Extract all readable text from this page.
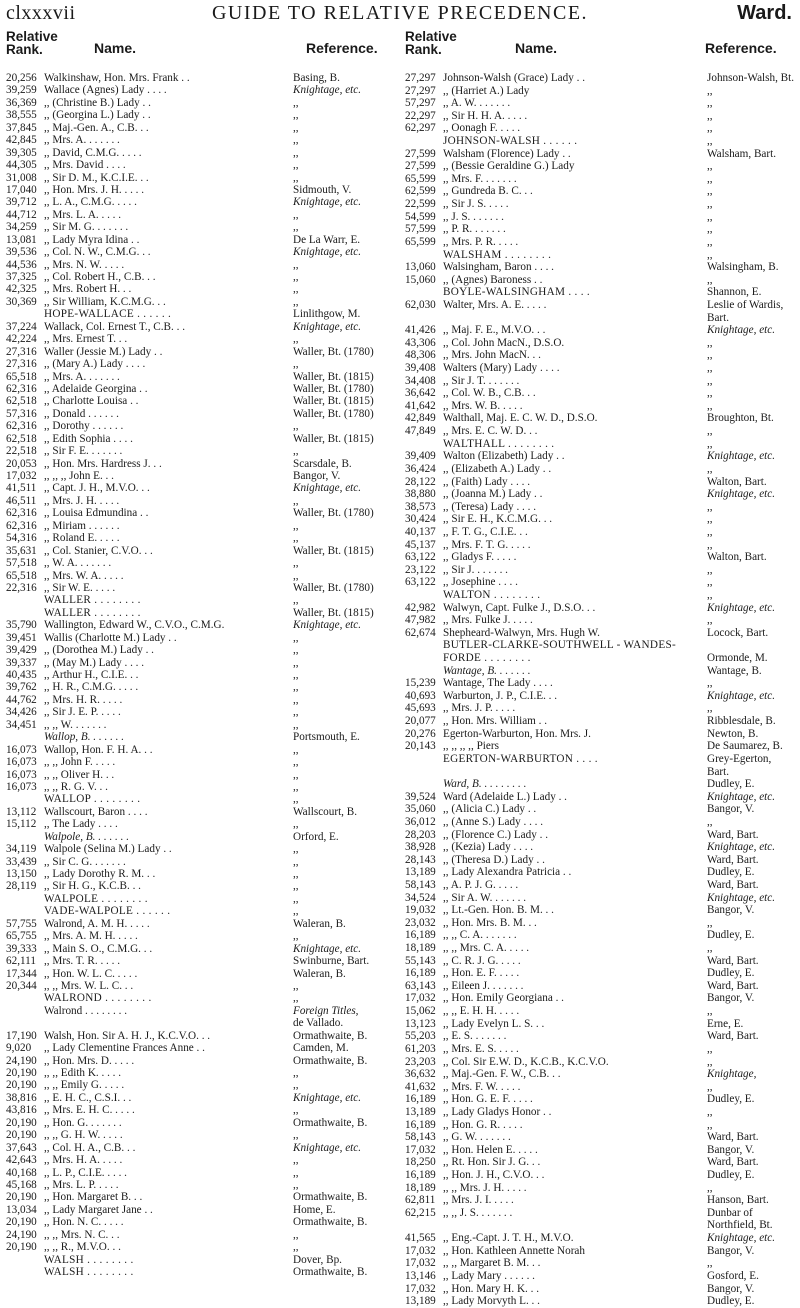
clxxxvii	GUIDE TO RELATIVE PRECEDENCE.	Ward.
Relative Rank.	Name.	Reference.
20,256 Walkinshaw, Hon. Mrs. Frank . .	Basing, B.
39,259 Wallace (Agnes) Lady . . . .	Knightage, etc.
36,369 ,, (Christine B.) Lady . .	,,
38,555 ,, (Georgina L.) Lady . .	,,
37,845 ,, Maj.-Gen. A., C.B. . .	,,
42,845 ,, Mrs. A. . . . . . .	,,
39,305 ,, David, C.M.G. . . . .	,,
44,305 ,, Mrs. David . . . .	,,
31,008 ,, Sir D. M., K.C.I.E. . .	,,
17,040 ,, Hon. Mrs. J. H. . . . .	Sidmouth, V.
39,712 ,, L. A., C.M.G. . . . .	Knightage, etc.
44,712 ,, Mrs. L. A. . . . .	,,
34,259 ,, Sir M. G. . . . . . .	,,
13,081 ,, Lady Myra Idina . .	De La Warr, E.
39,536 ,, Col. N. W., C.M.G. . .	Knightage, etc.
44,536 ,, Mrs. N. W. . . . .	,,
37,325 ,, Col. Robert H., C.B. . .	,,
42,325 ,, Mrs. Robert H. . .	,,
30,369 ,, Sir William, K.C.M.G. . .	,,
HOPE-WALLACE . . . . . .	Linlithgow, M.
37,224 Wallack, Col. Ernest T., C.B. . .	Knightage, etc.
42,224 ,, Mrs. Ernest T. . .	,,
27,316 Waller (Jessie M.) Lady . .	Waller, Bt. (1780)
27,316 ,, (Mary A.) Lady . . . .	,,
65,518 ,, Mrs. A. . . . . . .	Waller, Bt. (1815)
62,316 ,, Adelaide Georgina . .	Waller, Bt. (1780)
62,518 ,, Charlotte Louisa . .	Waller, Bt. (1815)
57,316 ,, Donald . . . . . .	Waller, Bt. (1780)
62,316 ,, Dorothy . . . . . .	,,
62,518 ,, Edith Sophia . . . .	Waller, Bt. (1815)
22,518 ,, Sir F. E. . . . . . .	,,
20,053 ,, Hon. Mrs. Hardress J. . .	Scarsdale, B.
17,032 ,, ,, ,, John E. . .	Bangor, V.
41,511 ,, Capt. J. H., M.V.O. . .	Knightage, etc.
46,511 ,, Mrs. J. H. . . . .	,,
62,316 ,, Louisa Edmundina . .	Waller, Bt. (1780)
62,316 ,, Miriam . . . . . .	,,
54,316 ,, Roland E. . . . .	,,
35,631 ,, Col. Stanier, C.V.O. . .	Waller, Bt. (1815)
57,518 ,, W. A. . . . . . .	,,
65,518 ,, Mrs. W. A. . . . .	,,
22,316 ,, Sir W. E. . . . .	Waller, Bt. (1780)
WALLER . . . . . . . .	,,
WALLER . . . . . . . .	Waller, Bt. (1815)
35,790 Wallington, Edward W., C.V.O., C.M.G.	Knightage, etc.
39,451 Wallis (Charlotte M.) Lady . .	,,
39,429 ,, (Dorothea M.) Lady . .	,,
39,337 ,, (May M.) Lady . . . .	,,
40,435 ,, Arthur H., C.I.E. . .	,,
39,762 ,, H. R., C.M.G. . . . .	,,
44,762 ,, Mrs. H. R. . . . .	,,
34,426 ,, Sir J. E. P. . . . .	,,
34,451 ,, ,, W. . . . . . .	,,
Wallop, B. . . . . . .	Portsmouth, E.
16,073 Wallop, Hon. F. H. A. . .	,,
16,073 ,, ,, John F. . . . .	,,
16,073 ,, ,, Oliver H. . .	,,
16,073 ,, ,, R. G. V. . .	,,
WALLOP . . . . . . . .	,,
13,112 Wallscourt, Baron . . . .	Wallscourt, B.
15,112 ,, The Lady . . . .	,,
Walpole, B. . . . . . .	Orford, E.
34,119 Walpole (Selina M.) Lady . .	,,
33,439 ,, Sir C. G. . . . . . .	,,
13,150 ,, Lady Dorothy R. M. . .	,,
28,119 ,, Sir H. G., K.C.B. . .	,,
WALPOLE . . . . . . . .	,,
VADE-WALPOLE . . . . . .	,,
57,755 Walrond, A. M. H. . . . .	Waleran, B.
65,755 ,, Mrs. A. M. H. . . . .	,,
39,333 ,, Main S. O., C.M.G. . .	Knightage, etc.
62,111 ,, Mrs. T. R. . . . .	Swinburne, Bart.
17,344 ,, Hon. W. L. C. . . . .	Waleran, B.
20,344 ,, ,, Mrs. W. L. C. . .	,,
WALROND . . . . . . . .	,,
Walrond . . . . . . . .	Foreign Titles,
de Vallado.
17,190 Walsh, Hon. Sir A. H. J., K.C.V.O. . .	Ormathwaite, B.
9,020 ,, Lady Clementine Frances Anne . .	Camden, M.
24,190 ,, Hon. Mrs. D. . . . .	Ormathwaite, B.
20,190 ,, ,, Edith K. . . . .	,,
20,190 ,, ,, Emily G. . . . .	,,
38,816 ,, E. H. C., C.S.I. . .	Knightage, etc.
43,816 ,, Mrs. E. H. C. . . . .	,,
20,190 ,, Hon. G. . . . . . .	Ormathwaite, B.
20,190 ,, ,, G. H. W. . . . .	,,
37,643 ,, Col. H. A., C.B. . .	Knightage, etc.
42,643 ,, Mrs. H. A. . . . .	,,
40,168 ,, L. P., C.I.E. . . . .	,,
45,168 ,, Mrs. L. P. . . . .	,,
20,190 ,, Hon. Margaret B. . .	Ormathwaite, B.
13,034 ,, Lady Margaret Jane . .	Home, E.
20,190 ,, Hon. N. C. . . . .	Ormathwaite, B.
24,190 ,, ,, Mrs. N. C. . .	,,
20,190 ,, ,, R., M.V.O. . .	,,
WALSH . . . . . . . .	Dover, Bp.
WALSH . . . . . . . .	Ormathwaite, B.
Relative Rank.	Name.	Reference.
27,297 Johnson-Walsh (Grace) Lady . .	Johnson-Walsh, Bt.
27,297 ,, (Harriet A.) Lady	,,
57,297 ,, A. W. . . . . . .	,,
22,297 ,, Sir H. H. A. . . . .	,,
62,297 ,, Oonagh F. . . . .	,,
JOHNSON-WALSH . . . . . .	,,
27,599 Walsham (Florence) Lady . .	Walsham, Bart.
27,599 ,, (Bessie Geraldine G.) Lady	,,
65,599 ,, Mrs. F. . . . . . .	,,
62,599 ,, Gundreda B. C. . .	,,
22,599 ,, Sir J. S. . . . .	,,
54,599 ,, J. S. . . . . . .	,,
57,599 ,, P. R. . . . . . .	,,
65,599 ,, Mrs. P. R. . . . .	,,
WALSHAM . . . . . . . .	,,
13,060 Walsingham, Baron . . . .	Walsingham, B.
15,060 ,, (Agnes) Baroness . .	,,
BOYLE-WALSINGHAM . . . .	Shannon, E.
62,030 Walter, Mrs. A. E. . . . .	Leslie of Wardis,
Bart.
41,426 ,, Maj. F. E., M.V.O. . .	Knightage, etc.
43,306 ,, Col. John MacN., D.S.O.	,,
48,306 ,, Mrs. John MacN. . .	,,
39,408 Walters (Mary) Lady . . . .	,,
34,408 ,, Sir J. T. . . . . . .	,,
36,642 ,, Col. W. B., C.B. . .	,,
41,642 ,, Mrs. W. B. . . . .	,,
42,849 Walthall, Maj. E. C. W. D., D.S.O.	Broughton, Bt.
47,849 ,, Mrs. E. C. W. D. . .	,,
WALTHALL . . . . . . . .	,,
39,409 Walton (Elizabeth) Lady . .	Knightage, etc.
36,424 ,, (Elizabeth A.) Lady . .	,,
28,122 ,, (Faith) Lady . . . .	Walton, Bart.
38,880 ,, (Joanna M.) Lady . .	Knightage, etc.
38,573 ,, (Teresa) Lady . . . .	,,
30,424 ,, Sir E. H., K.C.M.G. . .	,,
40,137 ,, F. T. G., C.I.E. . .	,,
45,137 ,, Mrs. F. T. G. . . . .	,,
63,122 ,, Gladys F. . . . .	Walton, Bart.
23,122 ,, Sir J. . . . . . .	,,
63,122 ,, Josephine . . . .	,,
WALTON . . . . . . . .	,,
42,982 Walwyn, Capt. Fulke J., D.S.O. . .	Knightage, etc.
47,982 ,, Mrs. Fulke J. . . . .	,,
62,674 Shepheard-Walwyn, Mrs. Hugh W.	Locock, Bart.
BUTLER-CLARKE-SOUTHWELL - WANDES-
FORDE . . . . . . . .	Ormonde, M.
Wantage, B. . . . . . .	Wantage, B.
15,239 Wantage, The Lady . . . .	,,
40,693 Warburton, J. P., C.I.E. . .	Knightage, etc.
45,693 ,, Mrs. J. P. . . . .	,,
20,077 ,, Hon. Mrs. William . .	Ribblesdale, B.
20,276 Egerton-Warburton, Hon. Mrs. J.	Newton, B.
20,143 ,, ,, ,, ,, Piers	De Saumarez, B.
EGERTON-WARBURTON . . . .	Grey-Egerton,
Bart.
Ward, B. . . . . . . . .	Dudley, E.
39,524 Ward (Adelaide L.) Lady . .	Knightage, etc.
35,060 ,, (Alicia C.) Lady . .	Bangor, V.
36,012 ,, (Anne S.) Lady . . . .	,,
28,203 ,, (Florence C.) Lady . .	Ward, Bart.
38,928 ,, (Kezia) Lady . . . .	Knightage, etc.
28,143 ,, (Theresa D.) Lady . .	Ward, Bart.
13,189 ,, Lady Alexandra Patricia . .	Dudley, E.
58,143 ,, A. P. J. G. . . . .	Ward, Bart.
34,524 ,, Sir A. W. . . . . . .	Knightage, etc.
19,032 ,, Lt.-Gen. Hon. B. M. . .	Bangor, V.
23,032 ,, Hon. Mrs. B. M. . .	,,
16,189 ,, ,, C. A. . . . . . .	Dudley, E.
18,189 ,, ,, Mrs. C. A. . . . .	,,
55,143 ,, C. R. J. G. . . . .	Ward, Bart.
16,189 ,, Hon. E. F. . . . .	Dudley, E.
63,143 ,, Eileen J. . . . . . .	Ward, Bart.
17,032 ,, Hon. Emily Georgiana . .	Bangor, V.
15,062 ,, ,, E. H. H. . . . .	,,
13,123 ,, Lady Evelyn L. S. . .	Erne, E.
55,203 ,, E. S. . . . . . .	Ward, Bart.
61,203 ,, Mrs. E. S. . . . .	,,
23,203 ,, Col. Sir E.W. D., K.C.B., K.C.V.O.	,,
36,632 ,, Maj.-Gen. F. W., C.B. . .	Knightage,
41,632 ,, Mrs. F. W. . . . .	,,
16,189 ,, Hon. G. E. F. . . . .	Dudley, E.
13,189 ,, Lady Gladys Honor . .	,,
16,189 ,, Hon. G. R. . . . .	,,
58,143 ,, G. W. . . . . . .	Ward, Bart.
17,032 ,, Hon. Helen E. . . . .	Bangor, V.
18,250 ,, Rt. Hon. Sir J. G. . .	Ward, Bart.
16,189 ,, Hon. J. H., C.V.O. . .	Dudley, E.
18,189 ,, ,, Mrs. J. H. . . . .	,,
62,811 ,, Mrs. J. I. . . . .	Hanson, Bart.
62,215 ,, ,, J. S. . . . . . .	Dunbar of
Northfield, Bt.
41,565 ,, Eng.-Capt. J. T. H., M.V.O.	Knightage, etc.
17,032 ,, Hon. Kathleen Annette Norah	Bangor, V.
17,032 ,, ,, Margaret B. M. . .	,,
13,146 ,, Lady Mary . . . . . .	Gosford, E.
17,032 ,, Hon. Mary H. K. . .	Bangor, V.
13,189 ,, Lady Morvyth L. . .	Dudley, E.
